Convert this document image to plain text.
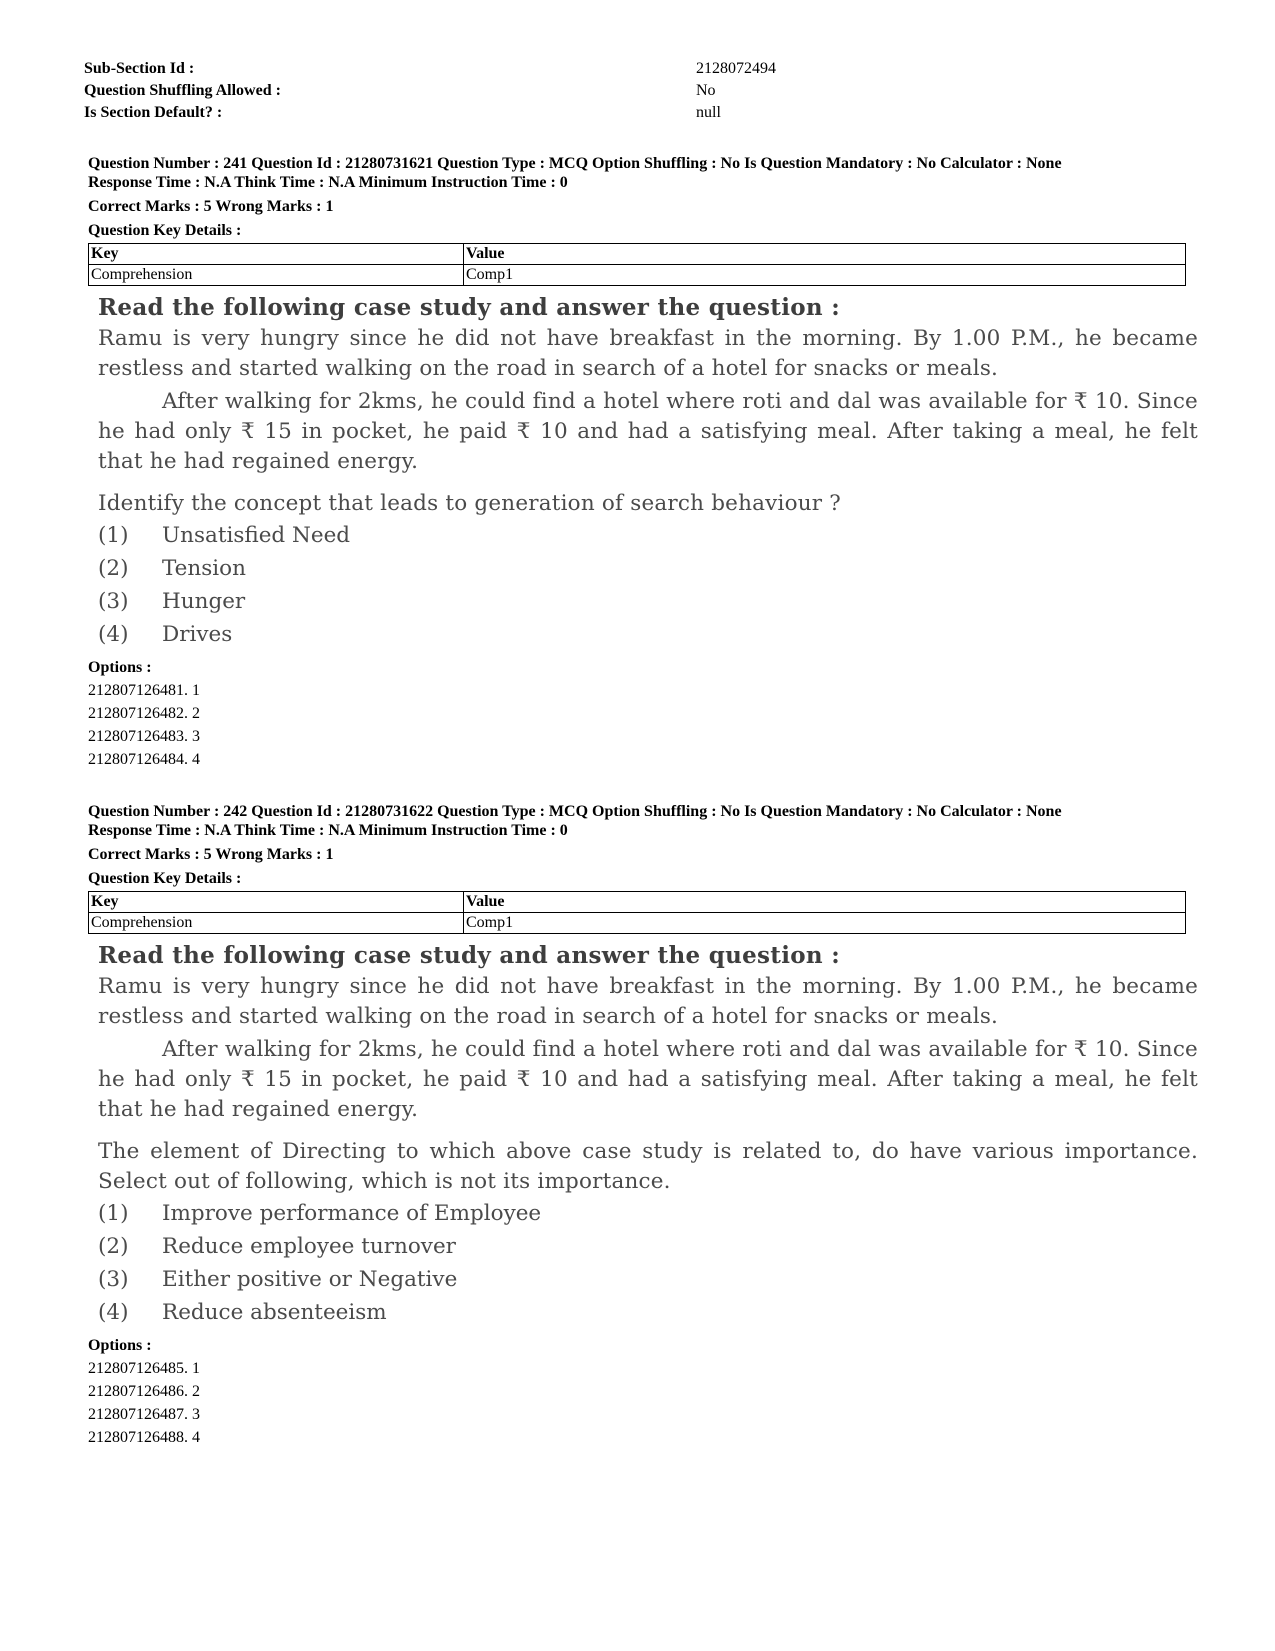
Sub-Section Id :	2128072494
Question Shuffling Allowed :	No
Is Section Default? :	null
Question Number : 241 Question Id : 21280731621 Question Type : MCQ Option Shuffling : No Is Question Mandatory : No Calculator : None
Response Time : N.A Think Time : N.A Minimum Instruction Time : 0
Correct Marks : 5 Wrong Marks : 1
Question Key Details :
Key	Value
Comprehension	Comp1
Read the following case study and answer the question :
Ramu is very hungry since he did not have breakfast in the morning. By 1.00 P.M., he became restless and started walking on the road in search of a hotel for snacks or meals.
After walking for 2kms, he could find a hotel where roti and dal was available for ₹ 10. Since he had only ₹ 15 in pocket, he paid ₹ 10 and had a satisfying meal. After taking a meal, he felt that he had regained energy.
Identify the concept that leads to generation of search behaviour ?
(1)	Unsatisfied Need
(2)	Tension
(3)	Hunger
(4)	Drives
Options :
212807126481. 1
212807126482. 2
212807126483. 3
212807126484. 4
Question Number : 242 Question Id : 21280731622 Question Type : MCQ Option Shuffling : No Is Question Mandatory : No Calculator : None
Response Time : N.A Think Time : N.A Minimum Instruction Time : 0
Correct Marks : 5 Wrong Marks : 1
Question Key Details :
Key	Value
Comprehension	Comp1
Read the following case study and answer the question :
Ramu is very hungry since he did not have breakfast in the morning. By 1.00 P.M., he became restless and started walking on the road in search of a hotel for snacks or meals.
After walking for 2kms, he could find a hotel where roti and dal was available for ₹ 10. Since he had only ₹ 15 in pocket, he paid ₹ 10 and had a satisfying meal. After taking a meal, he felt that he had regained energy.
The element of Directing to which above case study is related to, do have various importance. Select out of following, which is not its importance.
(1)	Improve performance of Employee
(2)	Reduce employee turnover
(3)	Either positive or Negative
(4)	Reduce absenteeism
Options :
212807126485. 1
212807126486. 2
212807126487. 3
212807126488. 4
